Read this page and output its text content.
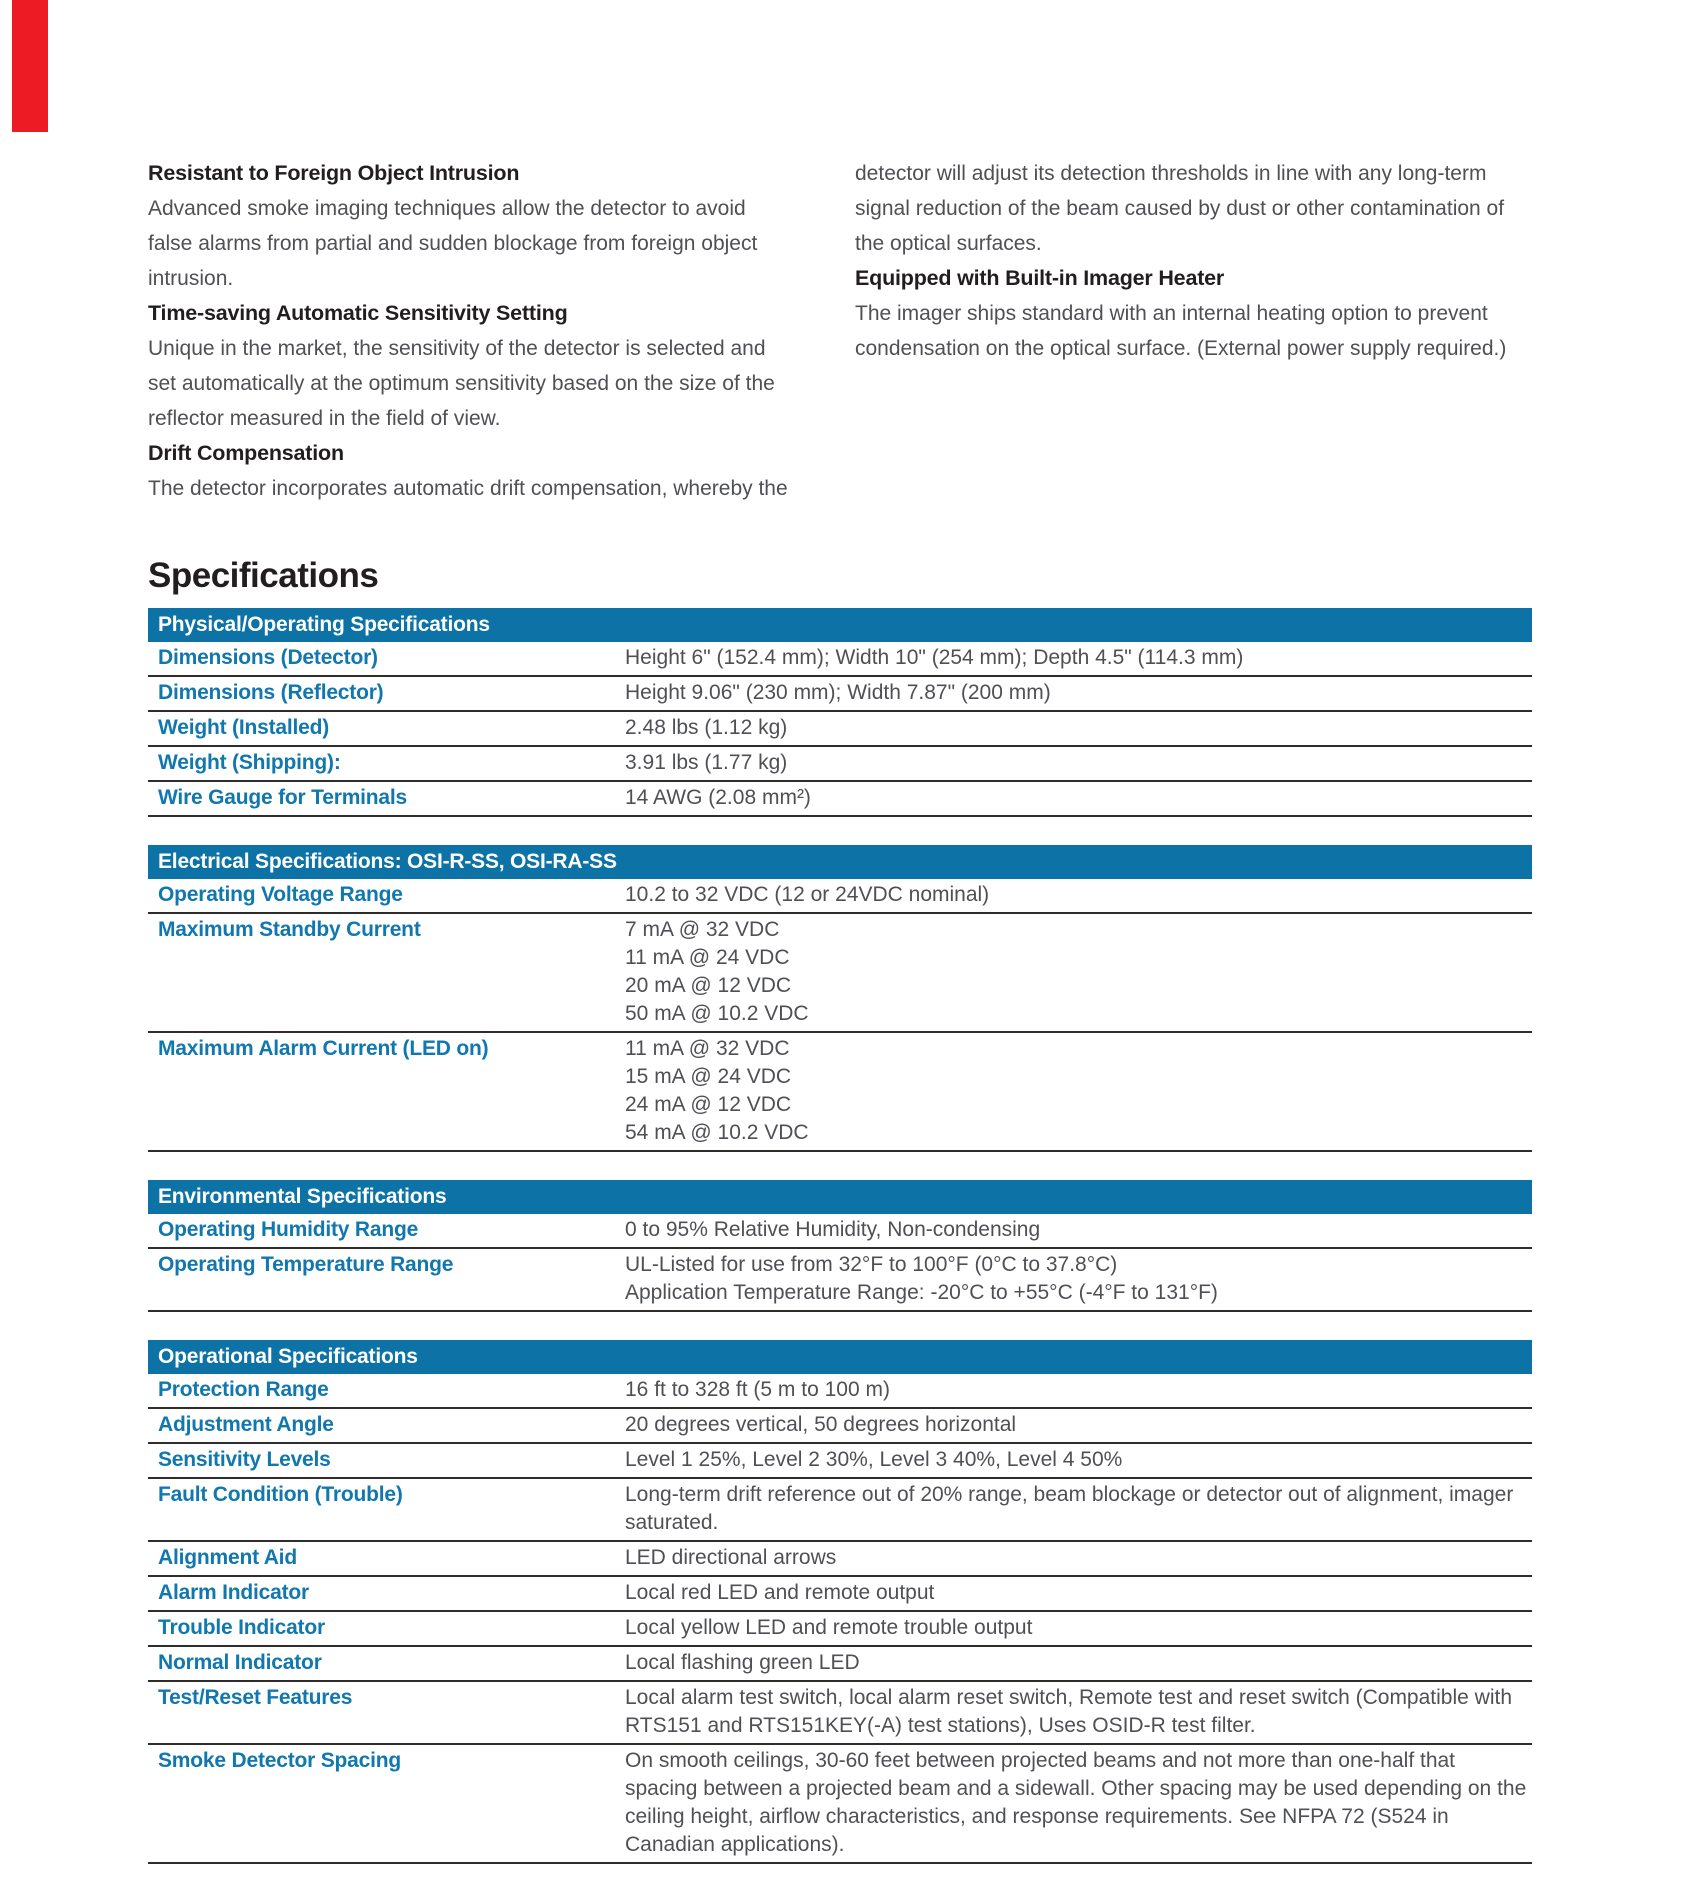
Resistant to Foreign Object Intrusion

Advanced smoke imaging techniques allow the detector to avoid false alarms from partial and sudden blockage from foreign object intrusion.

Time-saving Automatic Sensitivity Setting

Unique in the market, the sensitivity of the detector is selected and set automatically at the optimum sensitivity based on the size of the reflector measured in the field of view.

Drift Compensation

The detector incorporates automatic drift compensation, whereby the

detector will adjust its detection thresholds in line with any long-term signal reduction of the beam caused by dust or other contamination of the optical surfaces.

Equipped with Built-in Imager Heater

The imager ships standard with an internal heating option to prevent condensation on the optical surface. (External power supply required.)

Specifications
Physical/Operating Specifications
Dimensions (Detector)	Height 6" (152.4 mm); Width 10" (254 mm); Depth 4.5" (114.3 mm)
Dimensions (Reflector)	Height 9.06" (230 mm); Width 7.87" (200 mm)
Weight (Installed)	2.48 lbs (1.12 kg)
Weight (Shipping):	3.91 lbs (1.77 kg)
Wire Gauge for Terminals	14 AWG (2.08 mm²)
Electrical Specifications: OSI-R-SS, OSI-RA-SS
Operating Voltage Range	10.2 to 32 VDC (12 or 24VDC nominal)
Maximum Standby Current	7 mA @ 32 VDC
11 mA @ 24 VDC
20 mA @ 12 VDC
50 mA @ 10.2 VDC
Maximum Alarm Current (LED on)	11 mA @ 32 VDC
15 mA @ 24 VDC
24 mA @ 12 VDC
54 mA @ 10.2 VDC
Environmental Specifications
Operating Humidity Range	0 to 95% Relative Humidity, Non-condensing
Operating Temperature Range	UL-Listed for use from 32°F to 100°F (0°C to 37.8°C)
Application Temperature Range: -20°C to +55°C (-4°F to 131°F)
Operational Specifications
Protection Range	16 ft to 328 ft (5 m to 100 m)
Adjustment Angle	20 degrees vertical, 50 degrees horizontal
Sensitivity Levels	Level 1 25%, Level 2 30%, Level 3 40%, Level 4 50%
Fault Condition (Trouble)	Long-term drift reference out of 20% range, beam blockage or detector out of alignment, imager saturated.
Alignment Aid	LED directional arrows
Alarm Indicator	Local red LED and remote output
Trouble Indicator	Local yellow LED and remote trouble output
Normal Indicator	Local flashing green LED
Test/Reset Features	Local alarm test switch, local alarm reset switch, Remote test and reset switch (Compatible with RTS151 and RTS151KEY(-A) test stations), Uses OSID-R test filter.
Smoke Detector Spacing	On smooth ceilings, 30-60 feet between projected beams and not more than one-half that spacing between a projected beam and a sidewall. Other spacing may be used depending on the ceiling height, airflow characteristics, and response requirements. See NFPA 72 (S524 in Canadian applications).
